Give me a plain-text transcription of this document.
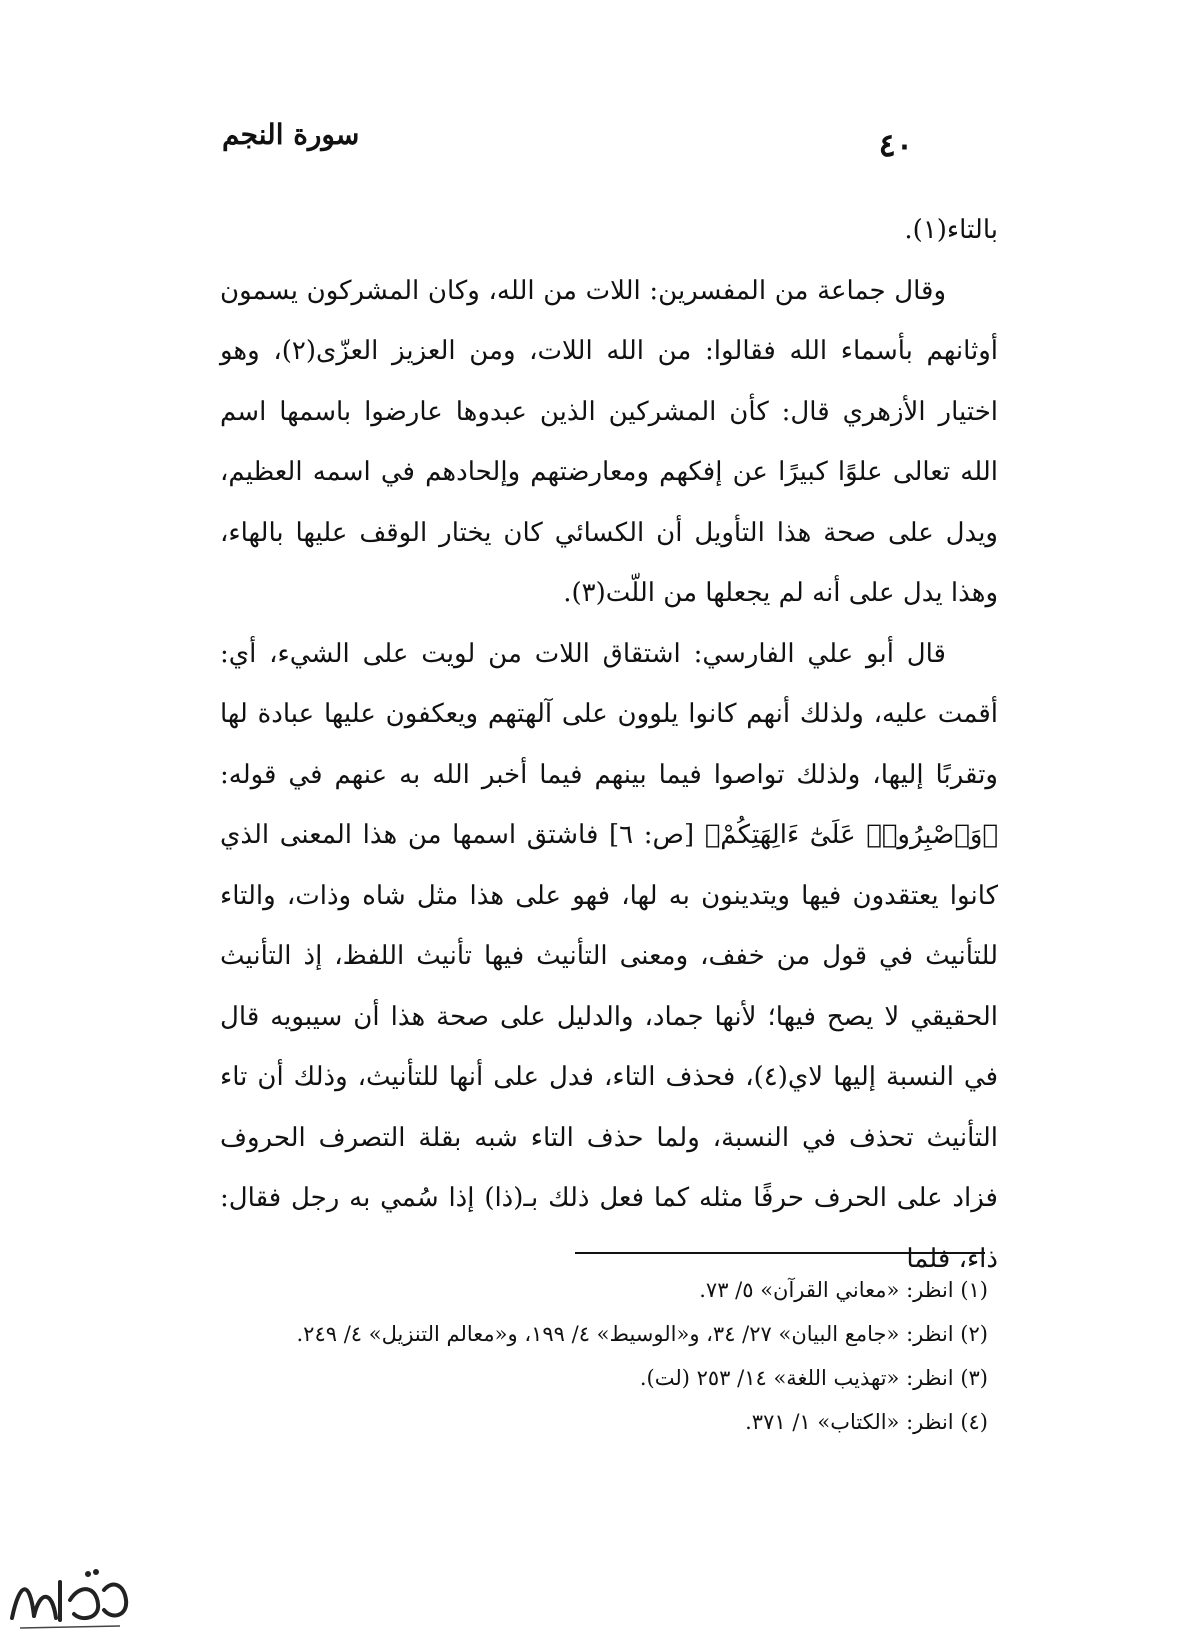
٤٠
سورة النجم

بالتاء(١).

وقال جماعة من المفسرين: اللات من الله، وكان المشركون يسمون أوثانهم بأسماء الله فقالوا: من الله اللات، ومن العزيز العزّى(٢)، وهو اختيار الأزهري قال: كأن المشركين الذين عبدوها عارضوا باسمها اسم الله تعالى علوًا كبيرًا عن إفكهم ومعارضتهم وإلحادهم في اسمه العظيم، ويدل على صحة هذا التأويل أن الكسائي كان يختار الوقف عليها بالهاء، وهذا يدل على أنه لم يجعلها من اللّت(٣).

قال أبو علي الفارسي: اشتقاق اللات من لويت على الشيء، أي: أقمت عليه، ولذلك أنهم كانوا يلوون على آلهتهم ويعكفون عليها عبادة لها وتقربًا إليها، ولذلك تواصوا فيما بينهم فيما أخبر الله به عنهم في قوله: ﴿وَٱصْبِرُوا۟ عَلَىٰٓ ءَالِهَتِكُمْ﴾ [ص: ٦] فاشتق اسمها من هذا المعنى الذي كانوا يعتقدون فيها ويتدينون به لها، فهو على هذا مثل شاه وذات، والتاء للتأنيث في قول من خفف، ومعنى التأنيث فيها تأنيث اللفظ، إذ التأنيث الحقيقي لا يصح فيها؛ لأنها جماد، والدليل على صحة هذا أن سيبويه قال في النسبة إليها لاي(٤)، فحذف التاء، فدل على أنها للتأنيث، وذلك أن تاء التأنيث تحذف في النسبة، ولما حذف التاء شبه بقلة التصرف الحروف فزاد على الحرف حرفًا مثله كما فعل ذلك بـ(ذا) إذا سُمي به رجل فقال: ذاء، فلما

(١) انظر: «معاني القرآن» ٥/ ٧٣.

(٢) انظر: «جامع البيان» ٢٧/ ٣٤، و«الوسيط» ٤/ ١٩٩، و«معالم التنزيل» ٤/ ٢٤٩.

(٣) انظر: «تهذيب اللغة» ١٤/ ٢٥٣ (لت).

(٤) انظر: «الكتاب» ١/ ٣٧١.
